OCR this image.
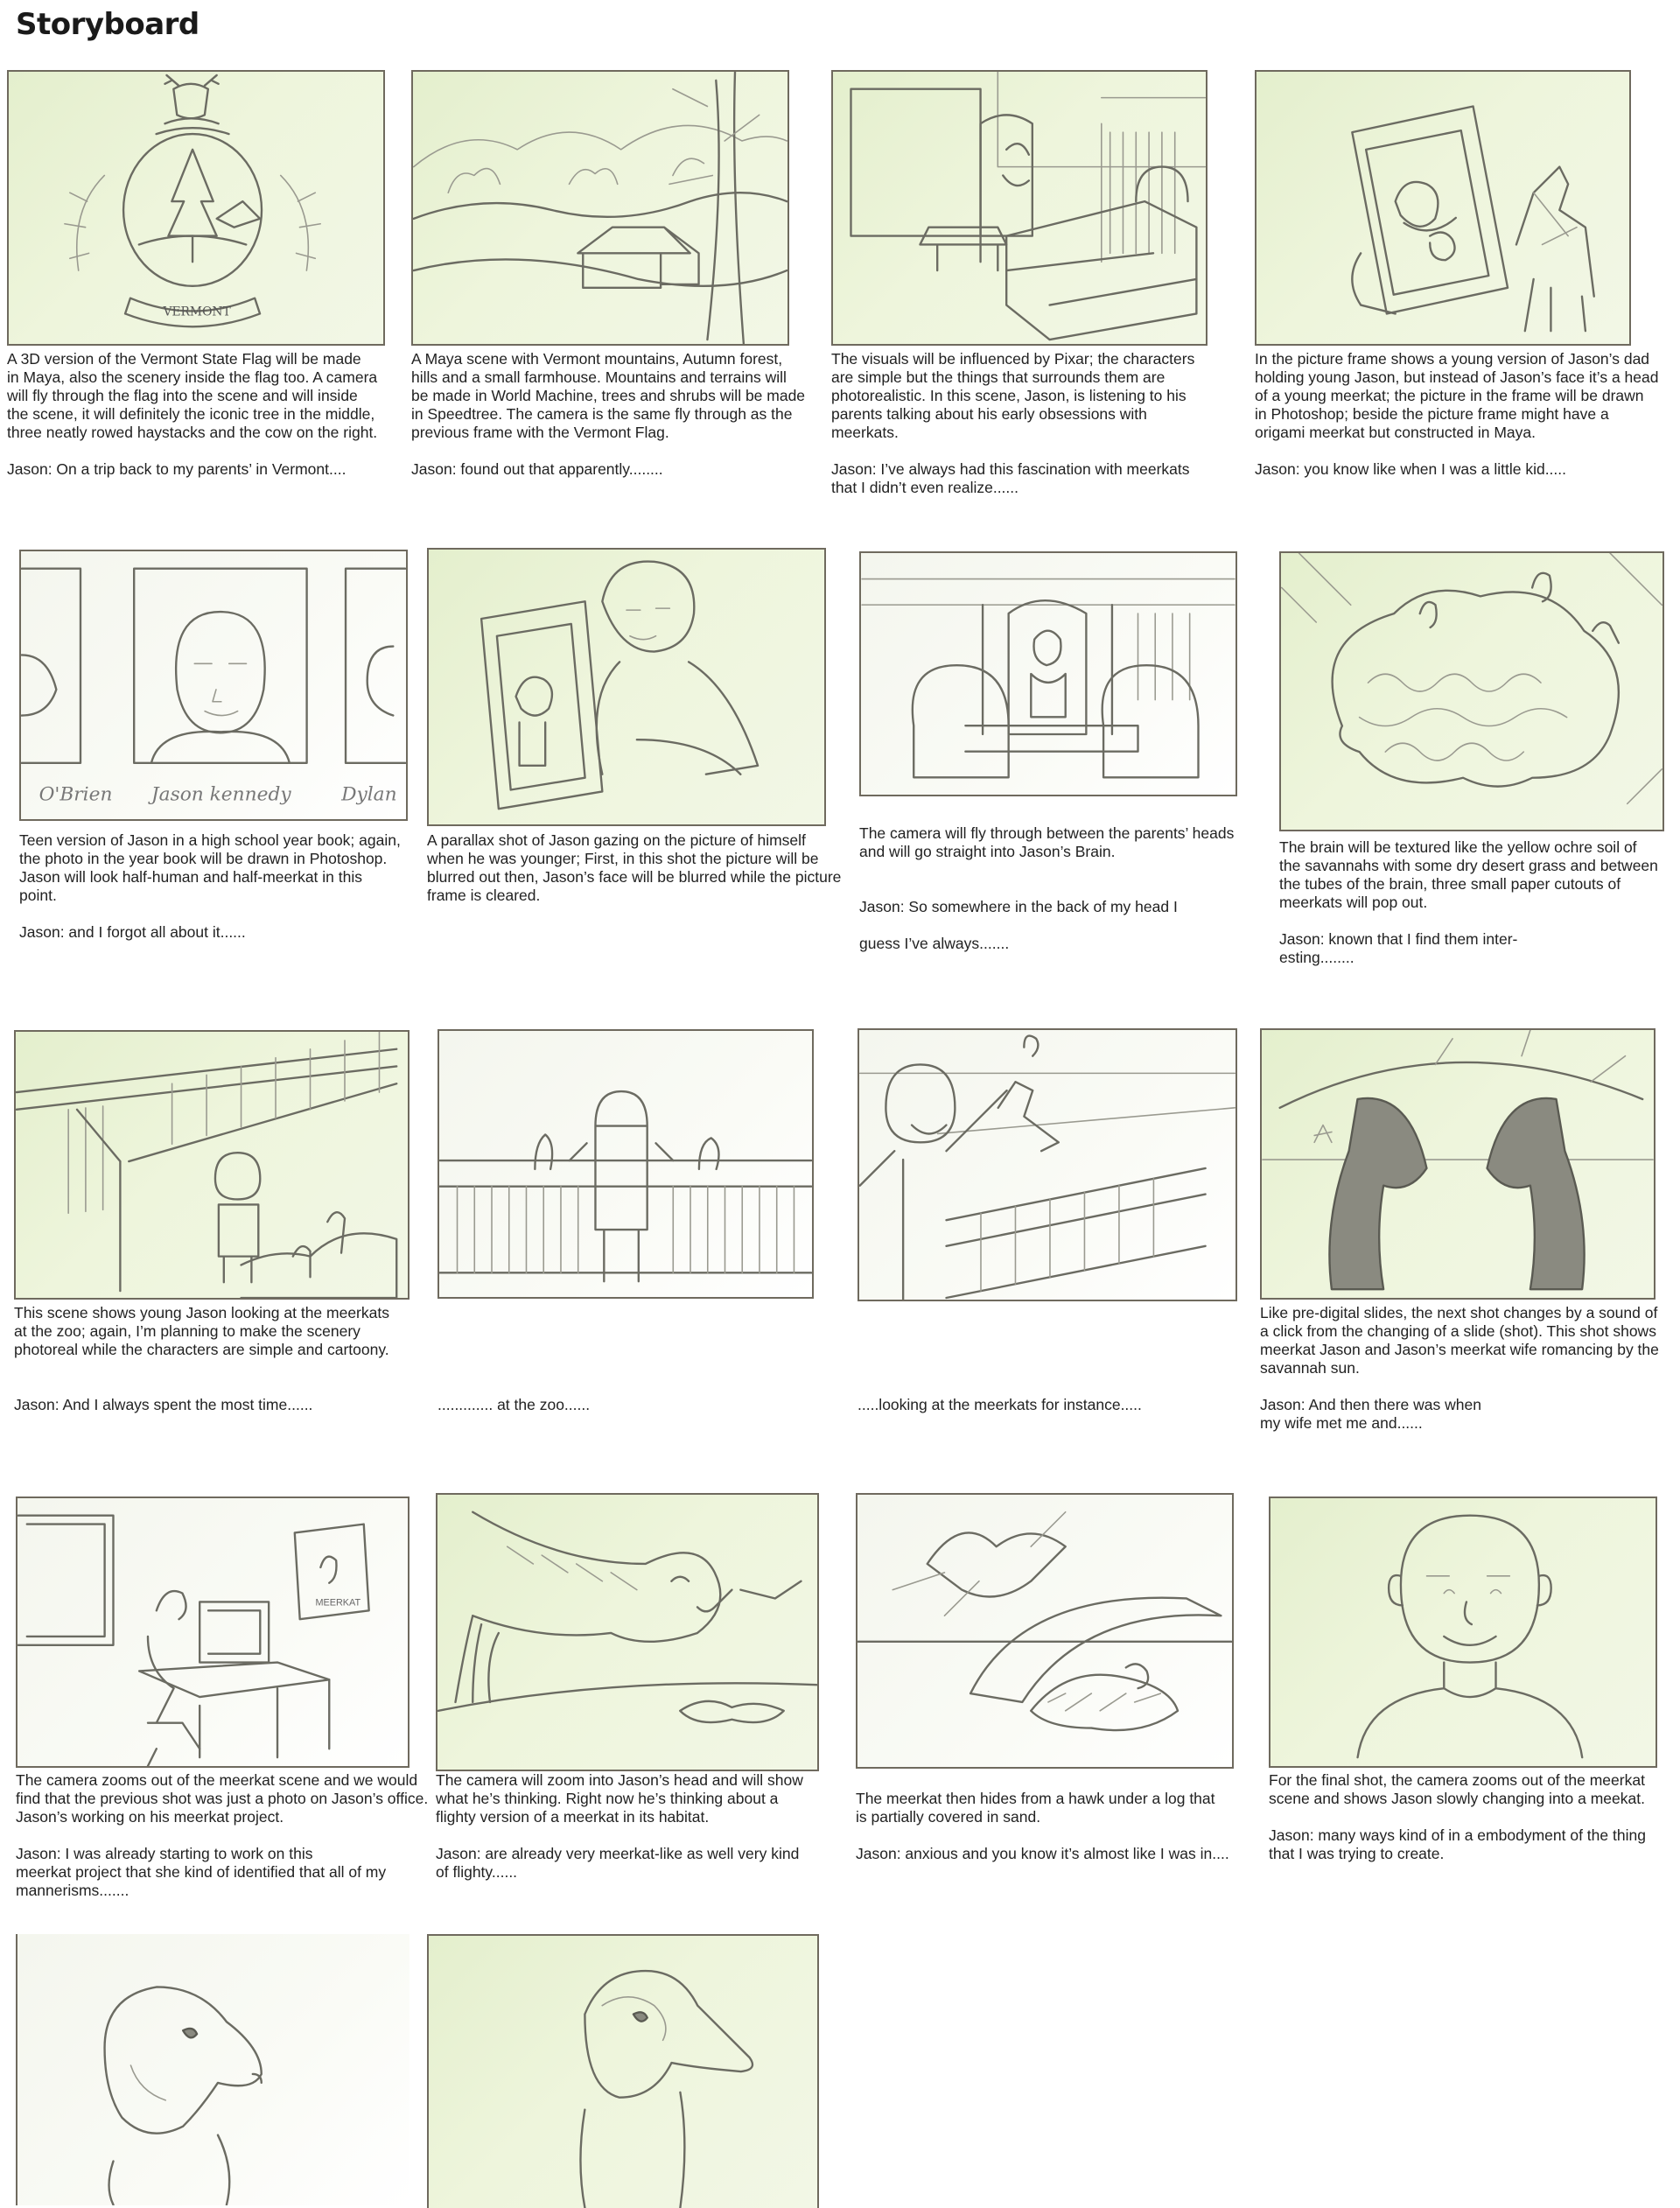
Storyboard
VERMONT
A 3D version of the Vermont State Flag will be made
in Maya, also the scenery inside the flag too. A camera
will fly through the flag into the scene and will inside
the scene, it will definitely the iconic tree in the middle,
three neatly rowed haystacks and the cow on the right.

Jason: On a trip back to my parents’ in Vermont....
A Maya scene with Vermont mountains, Autumn forest,
hills and a small farmhouse. Mountains and terrains will
be made in World Machine, trees and shrubs will be made
in Speedtree. The camera is the same fly through as the
previous frame with the Vermont Flag.

Jason: found out that apparently........
The visuals will be influenced by Pixar; the characters
are simple but the things that surrounds them are
photorealistic. In this scene, Jason, is listening to his
parents talking about his early obsessions with
meerkats.

Jason: I’ve always had this fascination with meerkats
that I didn’t even realize......
In the picture frame shows a young version of Jason’s dad
holding young Jason, but instead of Jason’s face it’s a head
of a young meerkat; the picture in the frame will be drawn
in Photoshop; beside the picture frame might have a
origami meerkat but constructed in Maya.

Jason: you know like when I was a little kid.....
O'Brien Jason kennedy	Dylan
Teen version of Jason in a high school year book; again,
the photo in the year book will be drawn in Photoshop.
Jason will look half-human and half-meerkat in this
point.

Jason: and I forgot all about it......
A parallax shot of Jason gazing on the picture of himself
when he was younger; First, in this shot the picture will be
blurred out then, Jason’s face will be blurred while the picture
frame is cleared.
The camera will fly through between the parents’ heads
and will go straight into Jason’s Brain.

Jason: So somewhere in the back of my head I

guess I’ve always.......
The brain will be textured like the yellow ochre soil of
the savannahs with some dry desert grass and between
the tubes of the brain, three small paper cutouts of
meerkats will pop out.

Jason: known that I find them inter-
esting........
This scene shows young Jason looking at the meerkats
at the zoo; again, I’m planning to make the scenery
photoreal while the characters are simple and cartoony.

Jason: And I always spent the most time......	

............. at the zoo......	

.....looking at the meerkats for instance.....
Like pre-digital slides, the next shot changes by a sound of
a click from the changing of a slide (shot). This shot shows
meerkat Jason and Jason’s meerkat wife romancing by the
savannah sun.

Jason: And then there was when
my wife met me and......
MEERKAT
The camera zooms out of the meerkat scene and we would
find that the previous shot was just a photo on Jason’s office.
Jason’s working on his meerkat project.

Jason: I was already starting to work on this
meerkat project that she kind of identified that all of my
mannerisms.......
The camera will zoom into Jason’s head and will show
what he’s thinking. Right now he’s thinking about a
flighty version of a meerkat in its habitat.

Jason: are already very meerkat-like as well very kind
of flighty......

The meerkat then hides from a hawk under a log that
is partially covered in sand.

Jason: anxious and you know it’s almost like I was in....
For the final shot, the camera zooms out of the meerkat
scene and shows Jason slowly changing into a meekat.

Jason: many ways kind of in a embodyment of the thing
that I was trying to create.
